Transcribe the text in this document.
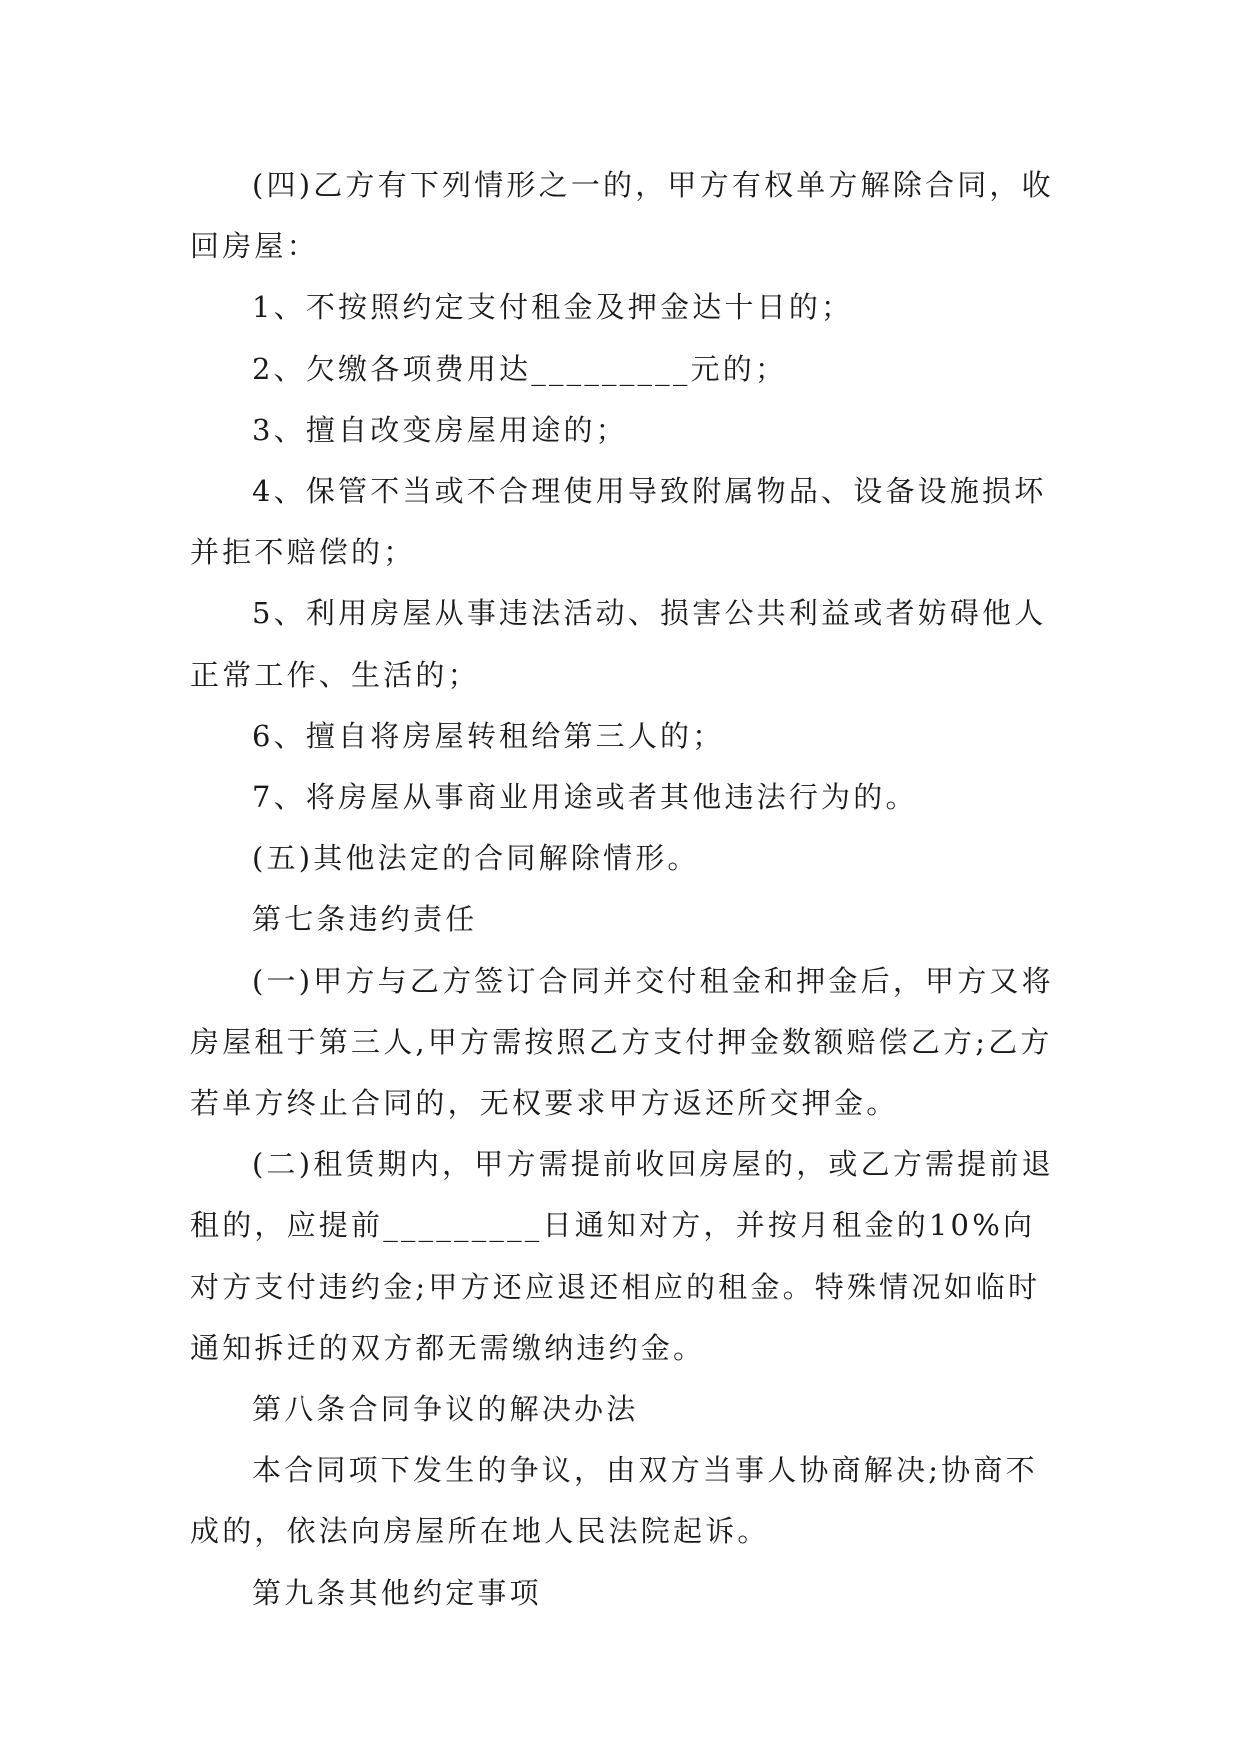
(四)乙方有下列情形之一的，甲方有权单方解除合同，收回房屋：

1、不按照约定支付租金及押金达十日的；

2、欠缴各项费用达_________元的；

3、擅自改变房屋用途的；

4、保管不当或不合理使用导致附属物品、设备设施损坏并拒不赔偿的；

5、利用房屋从事违法活动、损害公共利益或者妨碍他人正常工作、生活的；

6、擅自将房屋转租给第三人的；

7、将房屋从事商业用途或者其他违法行为的。

(五)其他法定的合同解除情形。

第七条违约责任

(一)甲方与乙方签订合同并交付租金和押金后，甲方又将房屋租于第三人,甲方需按照乙方支付押金数额赔偿乙方;乙方若单方终止合同的，无权要求甲方返还所交押金。

(二)租赁期内，甲方需提前收回房屋的，或乙方需提前退租的，应提前_________日通知对方，并按月租金的10%向对方支付违约金;甲方还应退还相应的租金。特殊情况如临时通知拆迁的双方都无需缴纳违约金。

第八条合同争议的解决办法

本合同项下发生的争议，由双方当事人协商解决;协商不成的，依法向房屋所在地人民法院起诉。

第九条其他约定事项
